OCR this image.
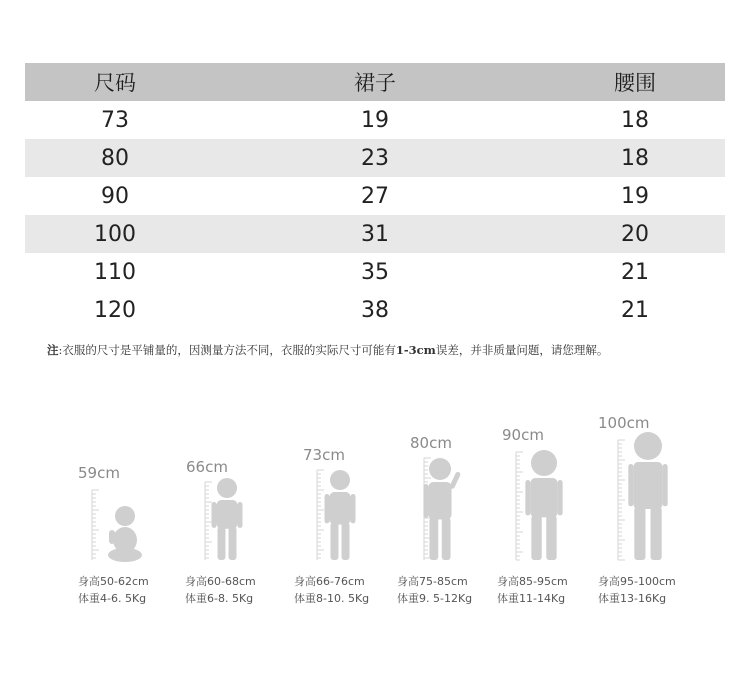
尺码	裙子	腰围
73	19	18
80	23	18
90	27	19
100	31	20
110	35	21
120	38	21
注:衣服的尺寸是平铺量的，因测量方法不同，衣服的实际尺寸可能有1-3cm误差，并非质量问题，请您理解。
59cm	66cm
73cm
80cm	90cm
100cm
身高50-62cm
体重4-6. 5Kg
身高60-68cm
体重6-8. 5Kg
身高66-76cm
体重8-10. 5Kg
身高75-85cm
体重9. 5-12Kg
身高85-95cm
体重11-14Kg
身高95-100cm
体重13-16Kg
